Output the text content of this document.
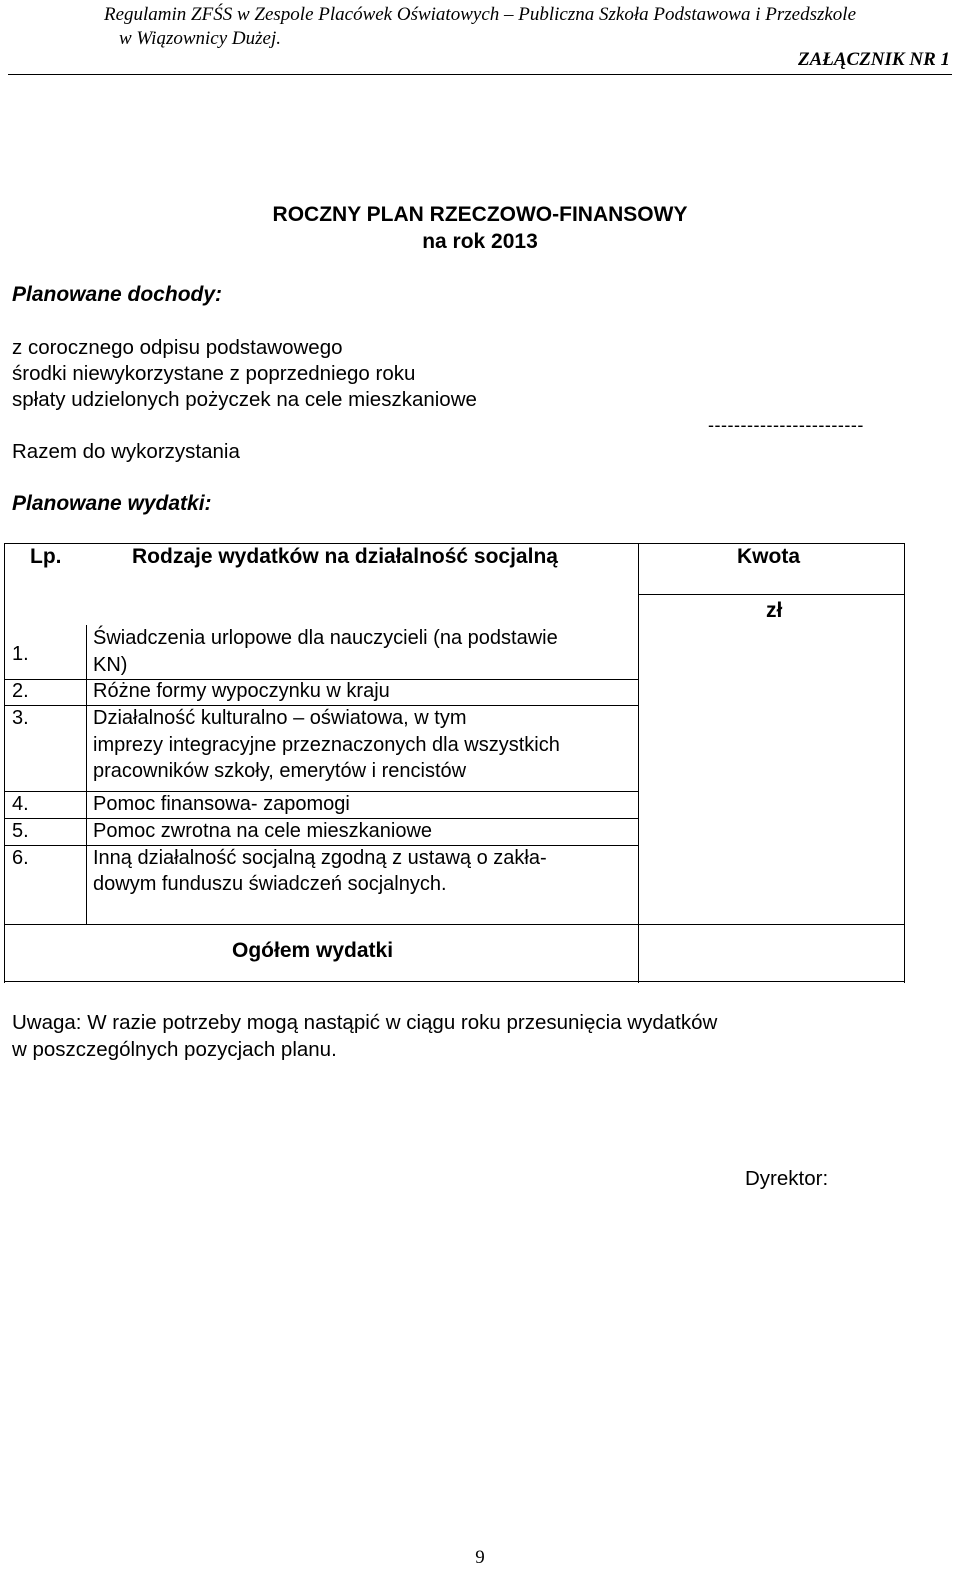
Regulamin ZFŚS w Zespole Placówek Oświatowych – Publiczna Szkoła Podstawowa i Przedszkole
w Wiązownicy Dużej.
ZAŁĄCZNIK NR 1
ROCZNY PLAN RZECZOWO-FINANSOWY
na rok 2013
Planowane dochody:
z corocznego odpisu podstawowego
środki niewykorzystane z poprzedniego roku
spłaty udzielonych pożyczek na cele mieszkaniowe
------------------------
Razem do wykorzystania
Planowane wydatki:
Lp.	Rodzaje wydatków na działalność socjalną	Kwota
zł
1.
Świadczenia urlopowe dla nauczycieli (na podstawie
KN)
2.	Różne formy wypoczynku w kraju
3.	Działalność kulturalno – oświatowa, w tym
imprezy integracyjne przeznaczonych dla wszystkich
pracowników szkoły, emerytów i rencistów
4.	Pomoc finansowa- zapomogi
5.	Pomoc zwrotna na cele mieszkaniowe
6.	Inną działalność socjalną zgodną z ustawą o zakła-
dowym funduszu świadczeń socjalnych.
Ogółem wydatki
Uwaga: W razie potrzeby mogą nastąpić w ciągu roku przesunięcia wydatków
w poszczególnych pozycjach planu.
Dyrektor:
9
